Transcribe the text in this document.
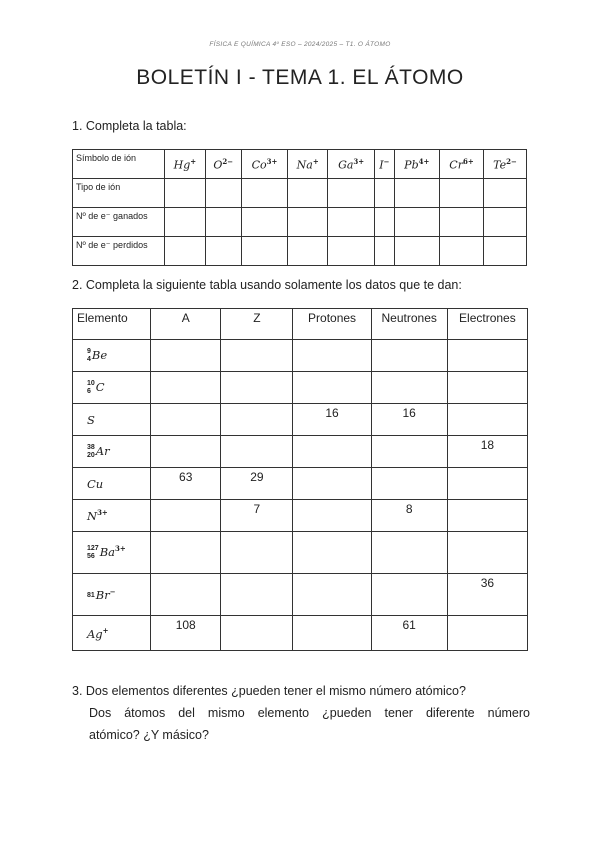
FÍSICA E QUÍMICA 4º ESO – 2024/2025 – T1. O ÁTOMO
BOLETÍN I - TEMA 1. EL ÁTOMO
1. Completa la tabla:
Símbolo de ión	Hg+	$O^{2-}$	$Co^{3+}$	Na+	$Ga^{3+}$	I−	$Pb^{4+}$	$Cr^{6+}$	$Te^{2-}$
Tipo de ión									
Nº de e⁻ ganados									
Nº de e⁻ perdidos									
2. Completa la siguiente tabla usando solamente los datos que te dan:
Elemento	A	Z	Protones	Neutrones	Electrones

9
4 Be					

10
6 C					
S			16	16	

38
20 Ar					18
Cu	63	29			
$N^{3+}$		7		8	

127
56 $Ba^{3+}$					

81 Br−					36
Ag+	108			61	
3. Dos elementos diferentes ¿pueden tener el mismo número atómico?
Dos átomos del mismo elemento ¿pueden tener diferente número
atómico? ¿Y másico?
